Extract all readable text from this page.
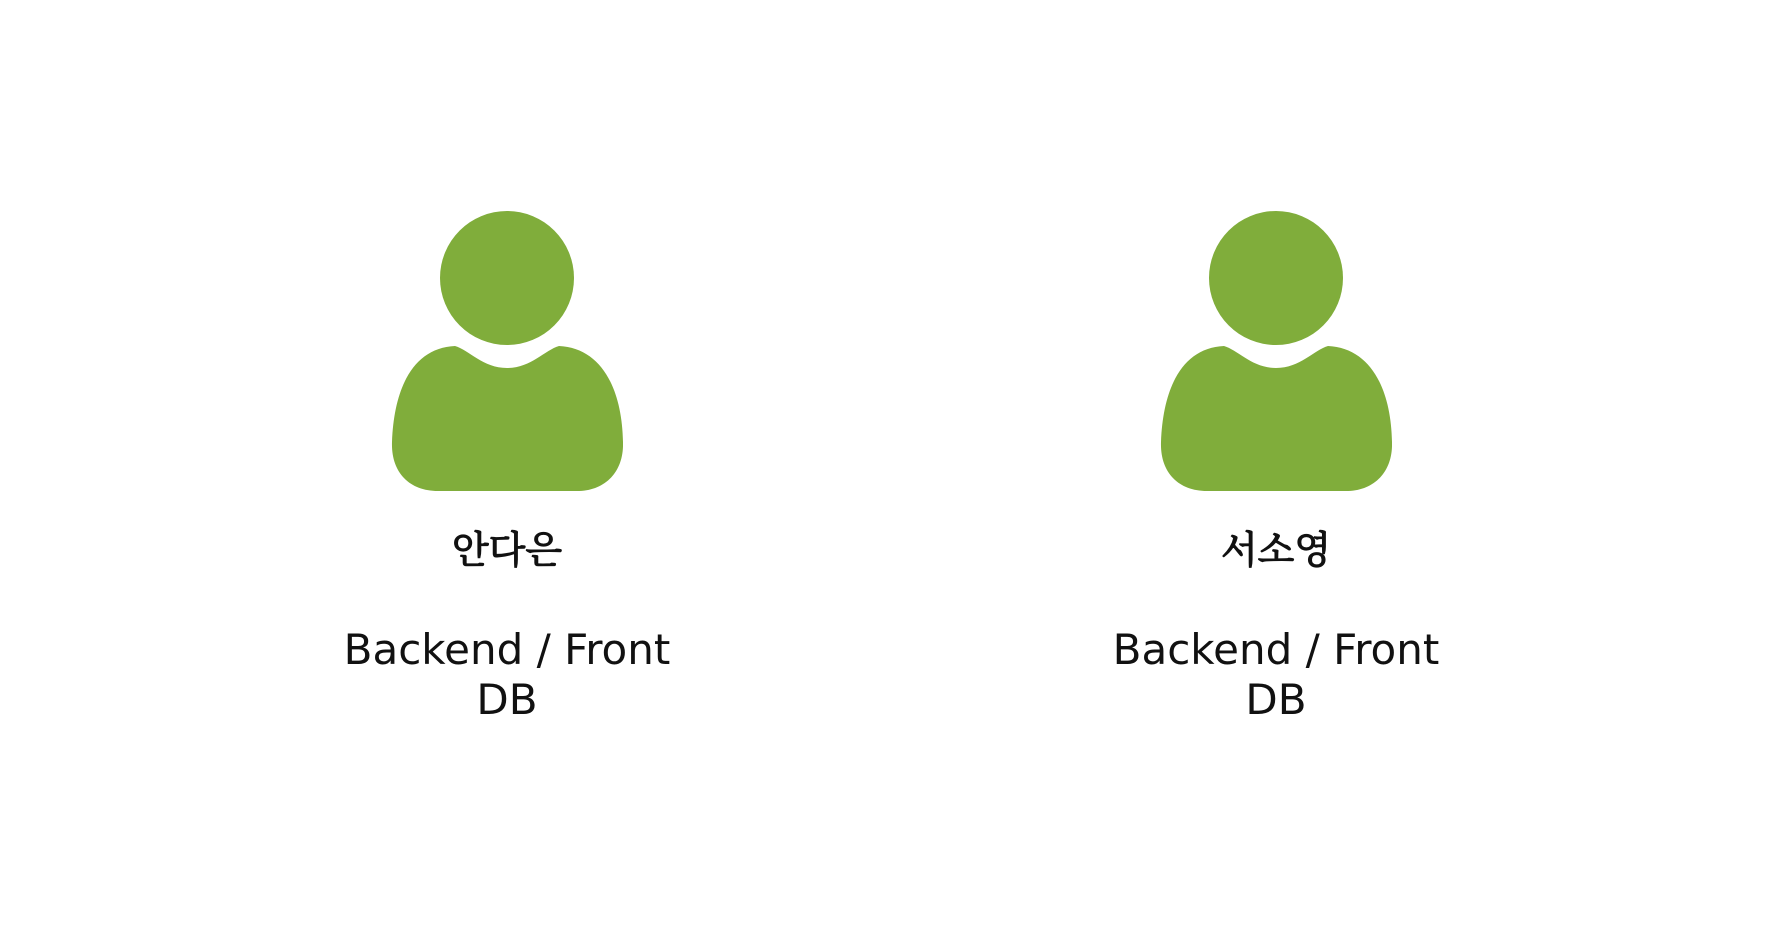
안다은
Backend / Front
DB
서소영
Backend / Front
DB
